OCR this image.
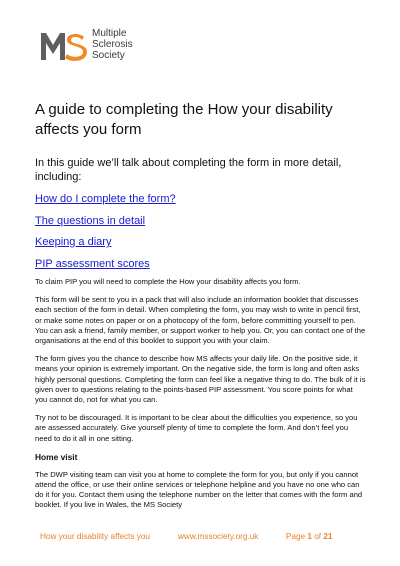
Multiple
Sclerosis
Society
A guide to completing the How your disability affects you form

In this guide we’ll talk about completing the form in more detail, including:

How do I complete the form?
The questions in detail
Keeping a diary
PIP assessment scores

To claim PIP you will need to complete the How your disability affects you form.

This form will be sent to you in a pack that will also include an information booklet that discusses each section of the form in detail. When completing the form, you may wish to write in pencil first, or make some notes on paper or on a photocopy of the form, before committing yourself to pen. You can ask a friend, family member, or support worker to help you. Or, you can contact one of the organisations at the end of this booklet to support you with your claim.

The form gives you the chance to describe how MS affects your daily life. On the positive side, it means your opinion is extremely important. On the negative side, the form is long and often asks highly personal questions. Completing the form can feel like a negative thing to do. The bulk of it is given over to questions relating to the points-based PIP assessment. You score points for what you cannot do, not for what you can.

Try not to be discouraged. It is important to be clear about the difficulties you experience, so you are assessed accurately. Give yourself plenty of time to complete the form. And don’t feel you need to do it all in one sitting.

Home visit

The DWP visiting team can visit you at home to complete the form for you, but only if you cannot attend the office, or use their online services or telephone helpline and you have no one who can do it for you. Contact them using the telephone number on the letter that comes with the form and booklet. If you live in Wales, the MS Society

How your disability affects you	www.mssociety.org.uk	Page 1 of 21
